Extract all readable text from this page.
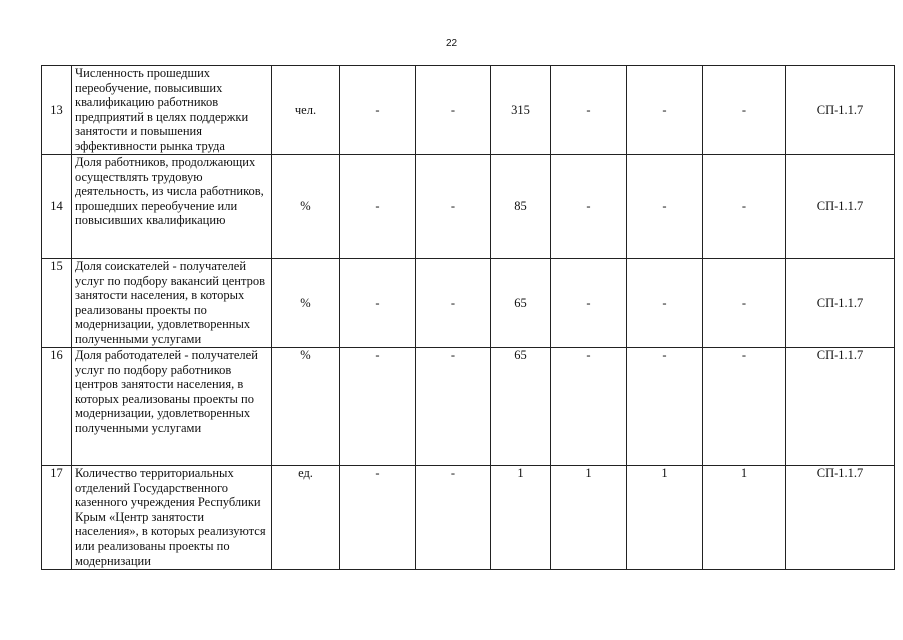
22
13	Численность прошедших переобучение, повысивших квалификацию работников предприятий в целях поддержки занятости и повышения эффективности рынка труда	чел.	-	-	315	-	-	-	СП-1.1.7
14	Доля работников, продолжающих осуществлять трудовую деятельность, из числа работников, прошедших переобучение или повысивших квалификацию	%	-	-	85	-	-	-	СП-1.1.7
15	Доля соискателей - получателей услуг по подбору вакансий центров занятости населения, в которых реализованы проекты по модернизации, удовлетворенных полученными услугами	%	-	-	65	-	-	-	СП-1.1.7
16	Доля работодателей - получателей услуг по подбору работников центров занятости населения, в которых реализованы проекты по модернизации, удовлетворенных полученными услугами	%	-	-	65	-	-	-	СП-1.1.7
17	Количество территориальных отделений Государственного казенного учреждения Республики Крым «Центр занятости населения», в которых реализуются или реализованы проекты по модернизации	ед.	-	-	1	1	1	1	СП-1.1.7
